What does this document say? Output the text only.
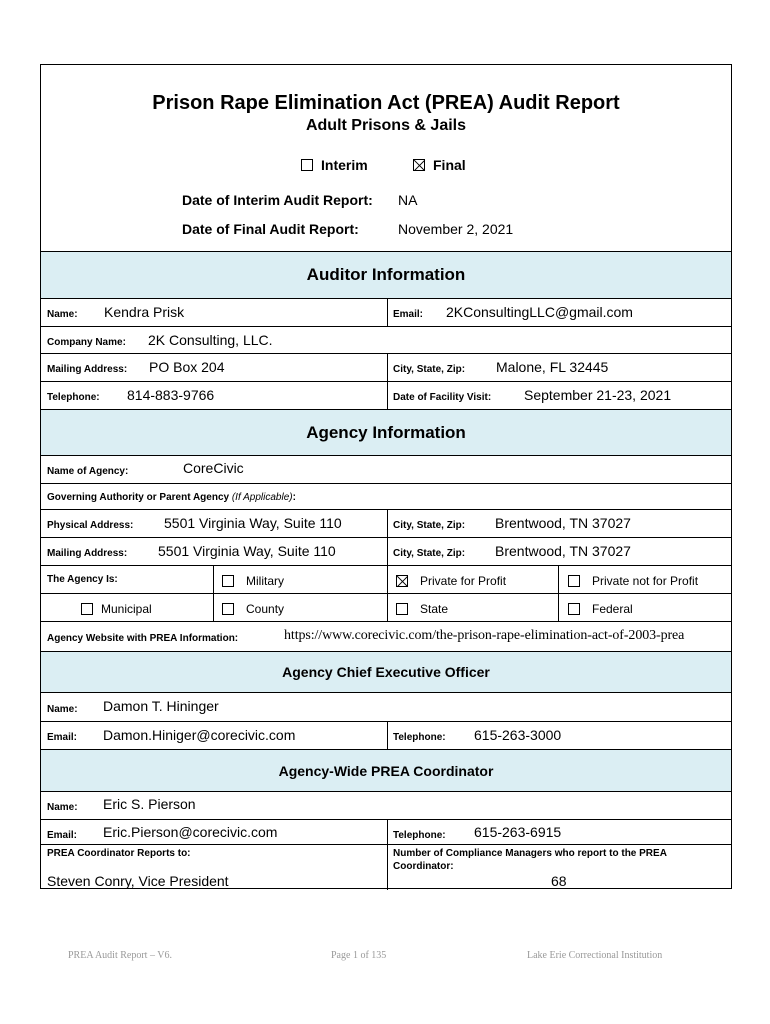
Prison Rape Elimination Act (PREA) Audit Report
Adult Prisons & Jails
Interim	Final
Date of Interim Audit Report: NA
Date of Final Audit Report:	November 2, 2021
Auditor Information
Name: Kendra Prisk	Email: 2KConsultingLLC@gmail.com
Company Name: 2K Consulting, LLC.
Mailing Address: PO Box 204	City, State, Zip: Malone, FL 32445
Telephone: 814-883-9766	Date of Facility Visit: September 21-23, 2021
Agency Information
Name of Agency:	CoreCivic
Governing Authority or Parent Agency (If Applicable):
Physical Address: 5501 Virginia Way, Suite 110	City, State, Zip: Brentwood, TN 37027
Mailing Address: 5501 Virginia Way, Suite 110	City, State, Zip: Brentwood, TN 37027
The Agency Is:	Military	Private for Profit	Private not for Profit
Municipal	County	State	Federal
Agency Website with PREA Information:	https://www.corecivic.com/the-prison-rape-elimination-act-of-2003-prea
Agency Chief Executive Officer
Name: Damon T. Hininger
Email: Damon.Hiniger@corecivic.com	Telephone: 615-263-3000
Agency-Wide PREA Coordinator
Name: Eric S. Pierson
Email: Eric.Pierson@corecivic.com	Telephone: 615-263-6915
PREA Coordinator Reports to:
Steven Conry, Vice President
Number of Compliance Managers who report to the PREA
Coordinator:
68
PREA Audit Report – V6.	Page 1 of 135	Lake Erie Correctional Institution
